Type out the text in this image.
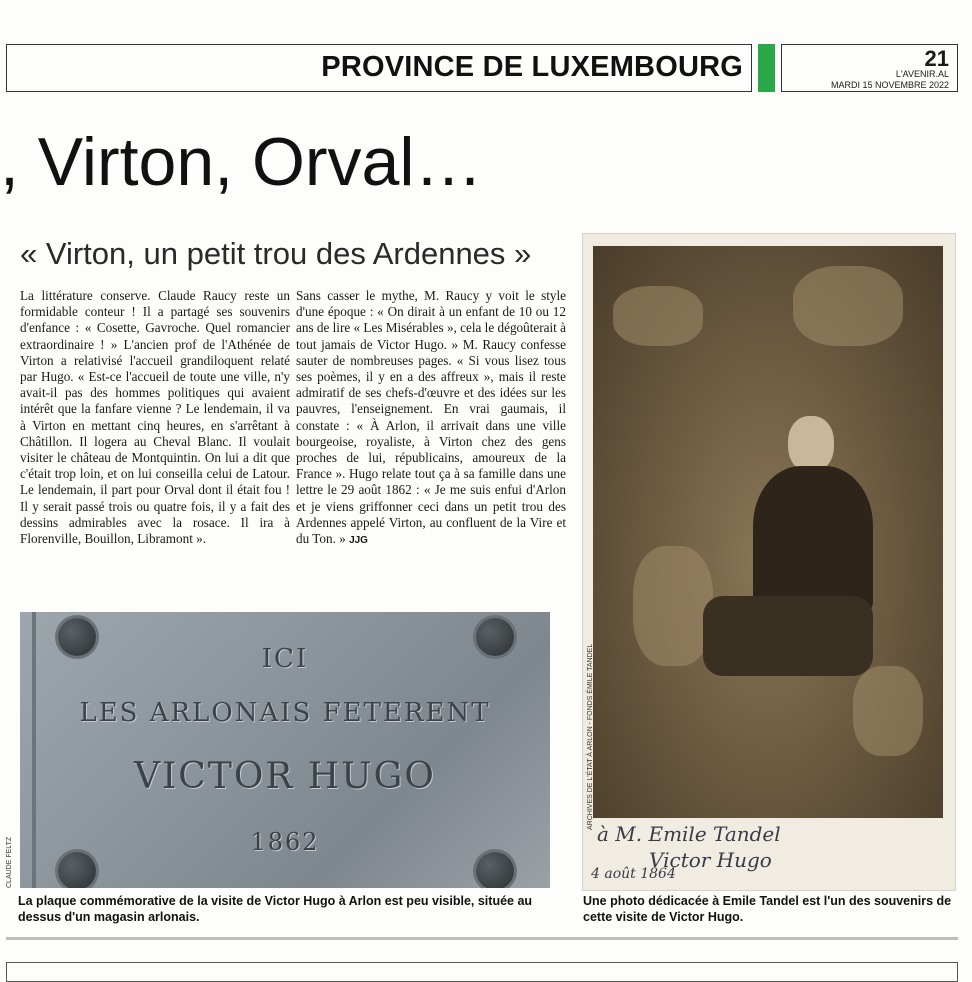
PROVINCE DE LUXEMBOURG	21
L'AVENIR.AL
MARDI 15 NOVEMBRE 2022
, Virton, Orval…
« Virton, un petit trou des Ardennes »

La littérature conserve. Claude Raucy reste un formidable conteur ! Il a partagé ses souvenirs d'enfance : « Cosette, Gavroche. Quel romancier extraordinaire ! » L'ancien prof de l'Athénée de Virton a relativisé l'accueil grandiloquent relaté par Hugo. « Est-ce l'accueil de toute une ville, n'y avait-il pas des hommes politiques qui avaient intérêt que la fanfare vienne ? Le lendemain, il va à Virton en mettant cinq heures, en s'arrêtant à Châtillon. Il logera au Cheval Blanc. Il voulait visiter le château de Montquintin. On lui a dit que c'était trop loin, et on lui conseilla celui de Latour. Le lendemain, il part pour Orval dont il était fou ! Il y serait passé trois ou quatre fois, il y a fait des dessins admirables avec la rosace. Il ira à Florenville, Bouillon, Libramont ».

Sans casser le mythe, M. Raucy y voit le style d'une époque : « On dirait à un enfant de 10 ou 12 ans de lire « Les Misérables », cela le dégoûterait à tout jamais de Victor Hugo. » M. Raucy confesse sauter de nombreuses pages. « Si vous lisez tous ses poèmes, il y en a des affreux », mais il reste admiratif de ses chefs-d'œuvre et des idées sur les pauvres, l'enseignement. En vrai gaumais, il constate : « À Arlon, il arrivait dans une ville bourgeoise, royaliste, à Virton chez des gens proches de lui, républicains, amoureux de la France ». Hugo relate tout ça à sa famille dans une lettre le 29 août 1862 : « Je me suis enfui d'Arlon et je viens griffonner ceci dans un petit trou des Ardennes appelé Virton, au confluent de la Vire et du Ton. » JJG

ICI
LES ARLONAIS FETERENT
VICTOR HUGO
1862
CLAUDE FELTZ
à M. Emile Tandel
Victor Hugo
4 août 1864
ARCHIVES DE L'ÉTAT À ARLON - FONDS ÉMILE TANDEL
La plaque commémorative de la visite de Victor Hugo à Arlon est peu visible, située au dessus d'un magasin arlonais.
Une photo dédicacée à Emile Tandel est l'un des souvenirs de cette visite de Victor Hugo.
